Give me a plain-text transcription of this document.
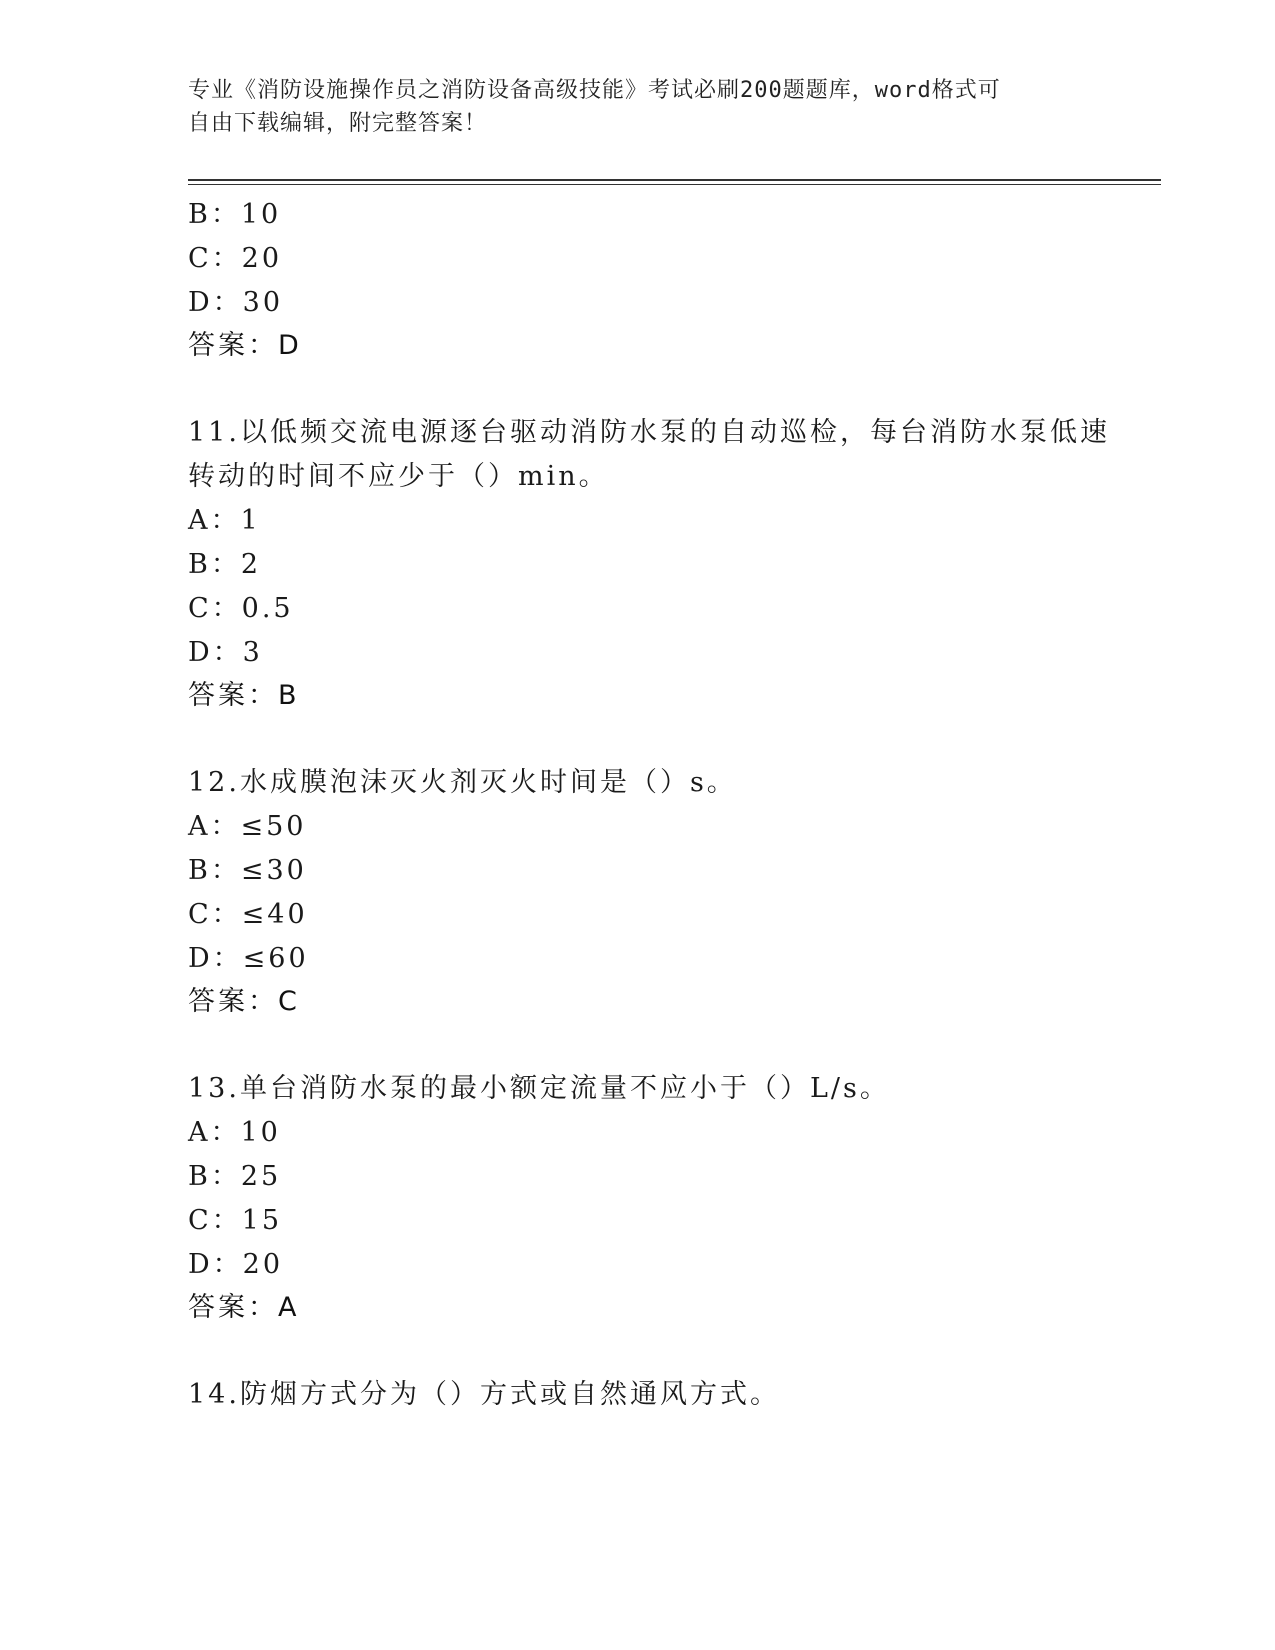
专业《消防设施操作员之消防设备高级技能》考试必刷200题题库，word格式可
自由下载编辑，附完整答案！
B：10
C：20
D：30
答案：D
11.以低频交流电源逐台驱动消防水泵的自动巡检，每台消防水泵低速
转动的时间不应少于（）min。
A：1
B：2
C：0.5
D：3
答案：B
12.水成膜泡沫灭火剂灭火时间是（）s。
A：≤50
B：≤30
C：≤40
D：≤60
答案：C
13.单台消防水泵的最小额定流量不应小于（）L/s。
A：10
B：25
C：15
D：20
答案：A
14.防烟方式分为（）方式或自然通风方式。
